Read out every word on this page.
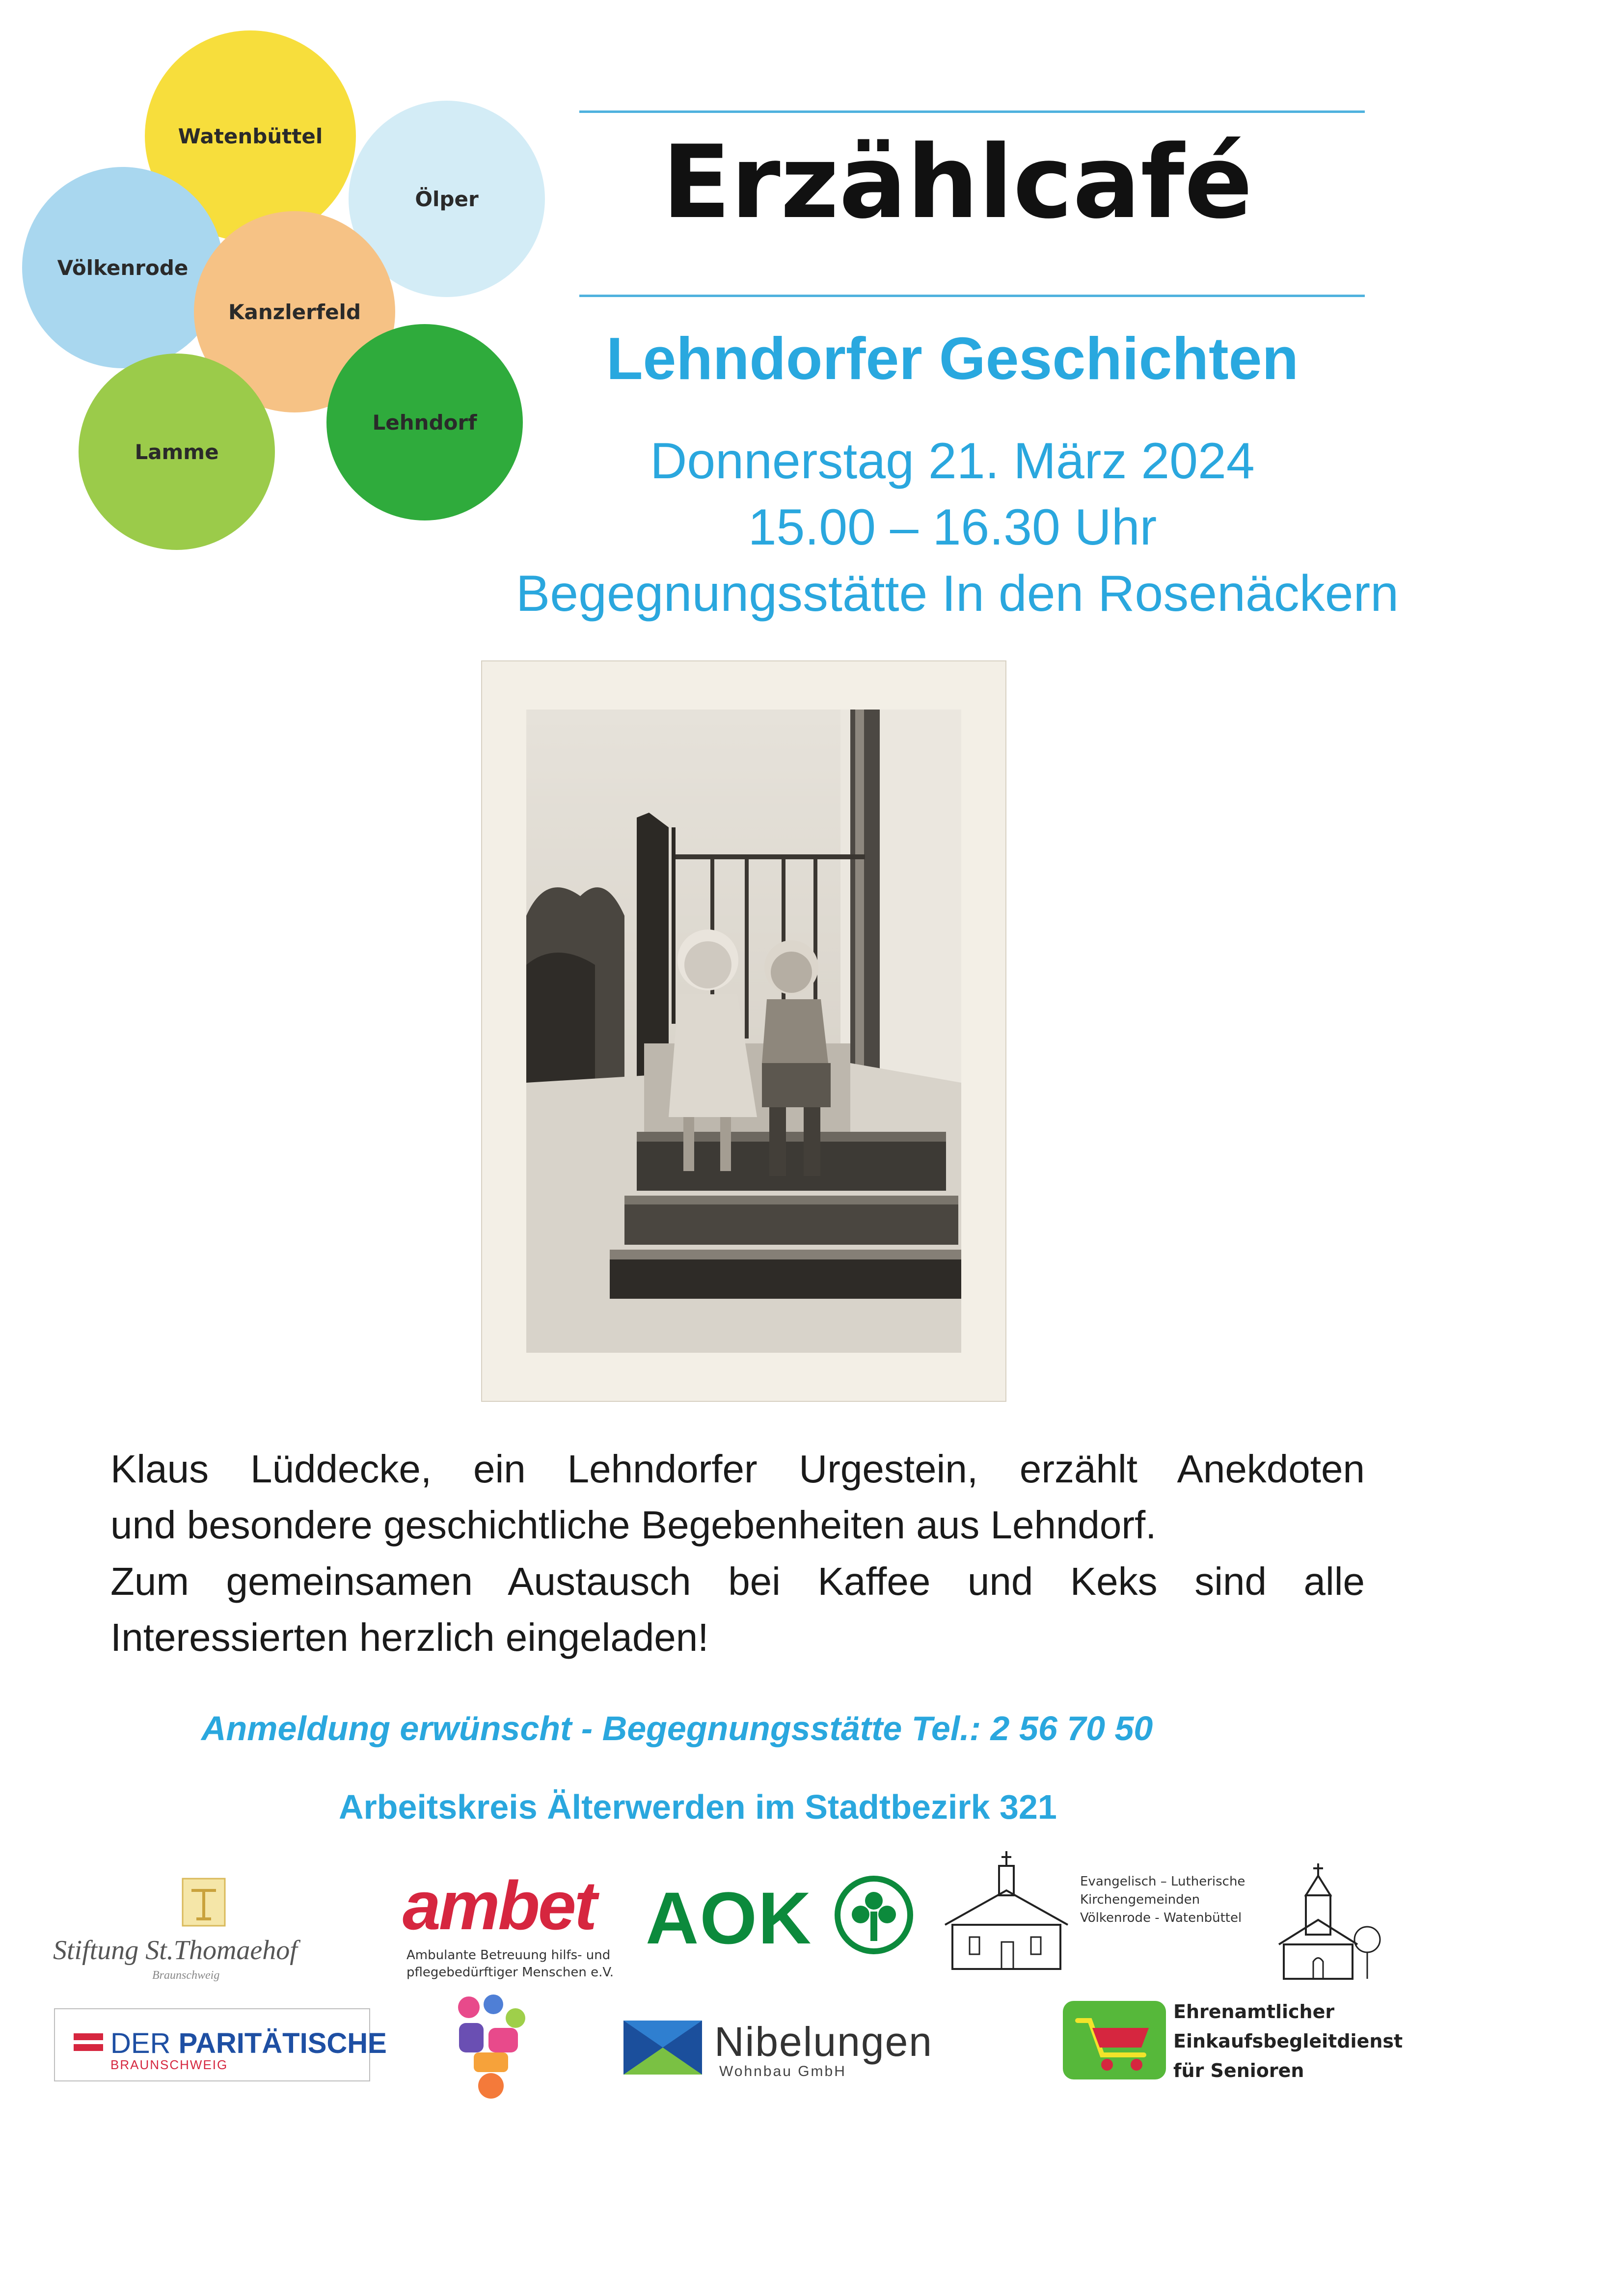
Watenbüttel
Ölper
Völkenrode
Kanzlerfeld
Lamme
Lehndorf
Erzählcafé
Lehndorfer Geschichten
Donnerstag 21. März 2024
15.00 – 16.30 Uhr
Begegnungsstätte In den Rosenäckern
Klaus Lüddecke, ein Lehndorfer Urgestein, erzählt Anekdoten
und besondere geschichtliche Begebenheiten aus Lehndorf.
Zum gemeinsamen Austausch bei Kaffee und Keks sind alle
Interessierten herzlich eingeladen!
Anmeldung erwünscht - Begegnungsstätte Tel.: 2 56 70 50
Arbeitskreis Älterwerden im Stadtbezirk 321
Stiftung St.Thomaehof
Braunschweig
ambet
Ambulante Betreuung hilfs- und
pflegebedürftiger Menschen e.V.
AOK	Evangelisch – Lutherische
Kirchengemeinden
Völkenrode - Watenbüttel
DER PARITÄTISCHE
BRAUNSCHWEIG	Nibelungen
Wohnbau GmbH
Ehrenamtlicher
Einkaufsbegleitdienst
für Senioren
